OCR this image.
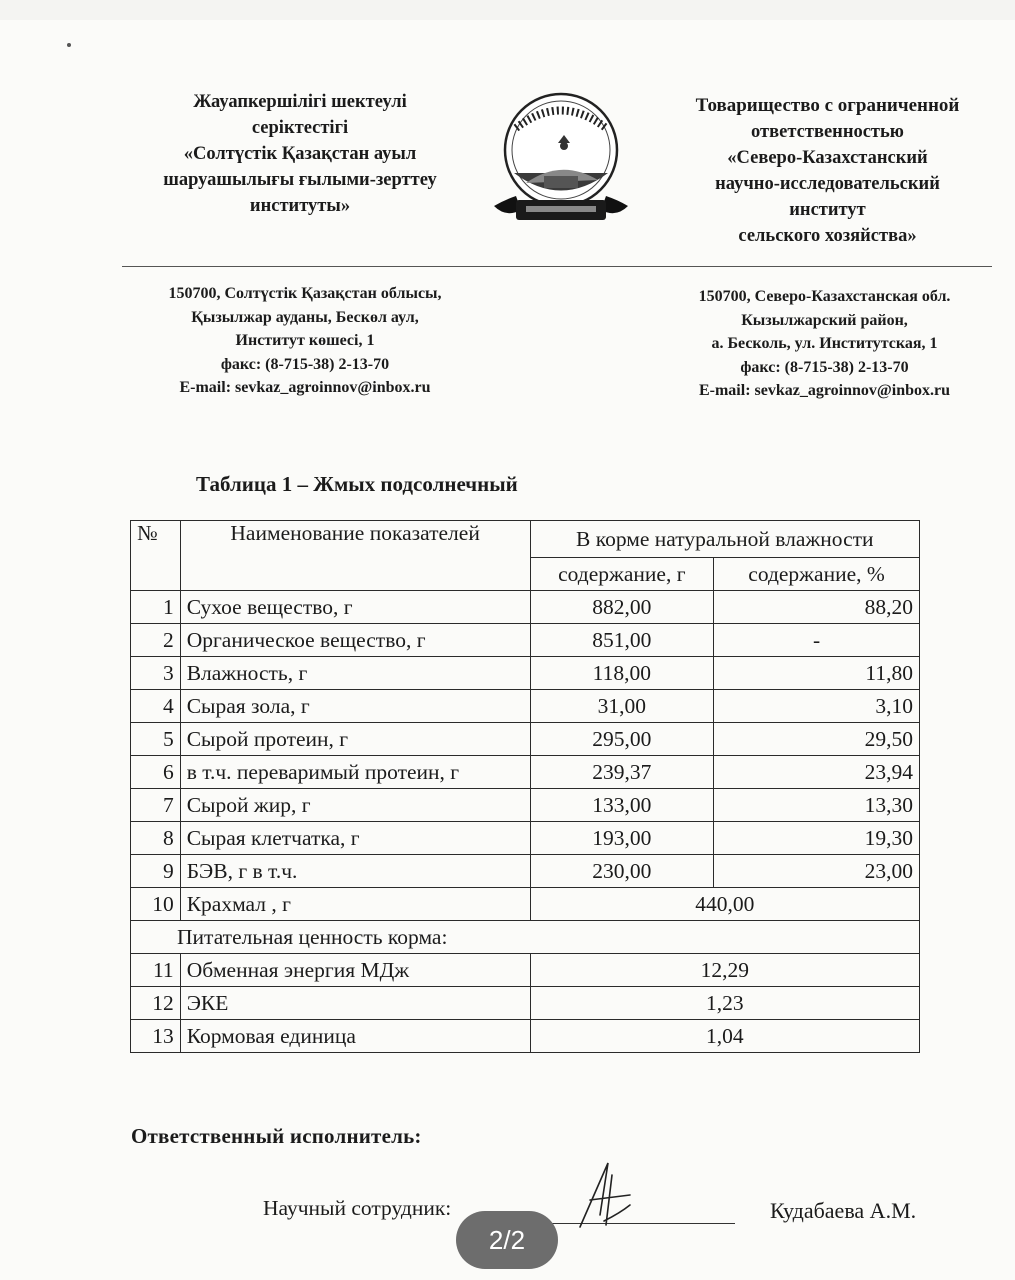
Жауапкершілігі шектеулі
серіктестігі
«Солтүстік Қазақстан ауыл
шаруашылығы ғылыми-зерттеу
институты»
Товарищество с ограниченной
ответственностью
«Северо-Казахстанский
научно-исследовательский
институт
сельского хозяйства»
150700, Солтүстік Қазақстан облысы,
Қызылжар ауданы, Бескөл аул,
Институт көшесі, 1
факс: (8-715-38) 2-13-70
E-mail: sevkaz_agroinnov@inbox.ru
150700, Северо-Казахстанская обл.
Кызылжарский район,
а. Бесколь, ул. Институтская, 1
факс: (8-715-38) 2-13-70
E-mail: sevkaz_agroinnov@inbox.ru
Таблица 1 – Жмых подсолнечный
№	Наименование показателей	В корме натуральной влажности	
		содержание, г	содержание, %
1	Сухое вещество, г	882,00	88,20
2	Органическое вещество, г	851,00	-
3	Влажность, г	118,00	11,80
4	Сырая зола, г	31,00	3,10
5	Сырой протеин, г	295,00	29,50
6	в т.ч. переваримый протеин, г	239,37	23,94
7	Сырой жир, г	133,00	13,30
8	Сырая клетчатка, г	193,00	19,30
9	БЭВ, г в т.ч.	230,00	23,00
10	Крахмал , г	440,00	
Питательная ценность корма:			
11	Обменная энергия МДж	12,29	
12	ЭКЕ	1,23	
13	Кормовая единица	1,04	
Ответственный исполнитель:
Научный сотрудник:	Кудабаева А.М.
2/2
